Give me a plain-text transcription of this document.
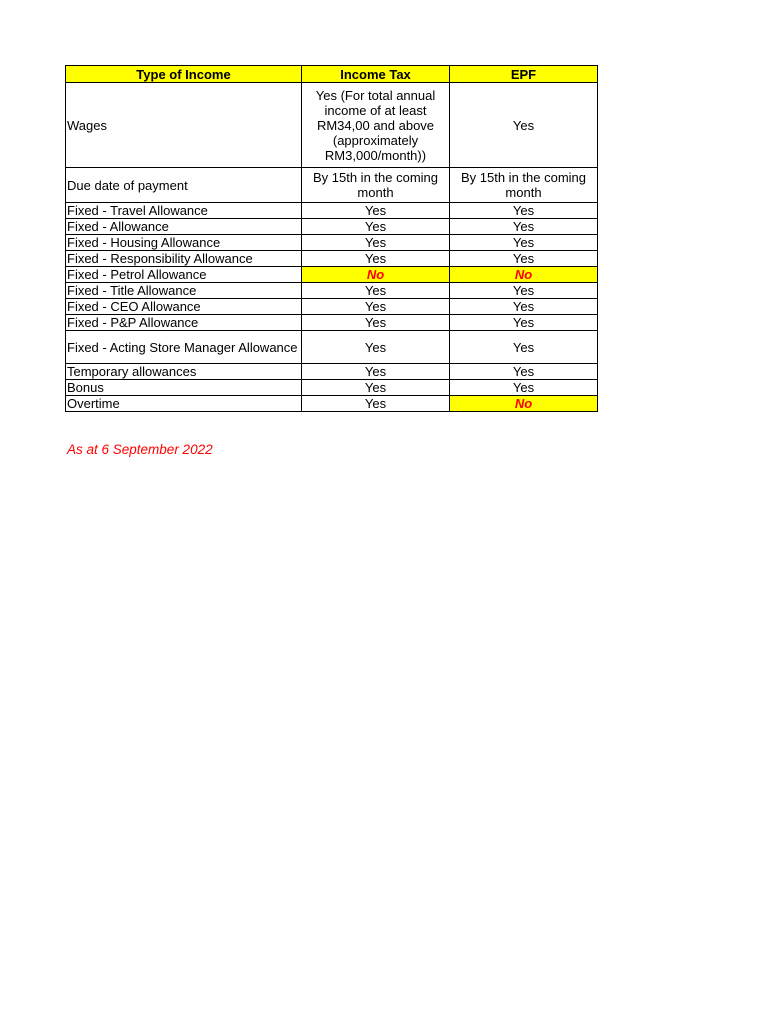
Type of Income	Income Tax	EPF
Wages	Yes (For total annual income of at least RM34,00 and above (approximately RM3,000/month))	Yes
Due date of payment	By 15th in the coming month	By 15th in the coming month
Fixed - Travel Allowance	Yes	Yes
Fixed - Allowance	Yes	Yes
Fixed - Housing Allowance	Yes	Yes
Fixed - Responsibility Allowance	Yes	Yes
Fixed - Petrol Allowance	No	No
Fixed - Title Allowance	Yes	Yes
Fixed - CEO Allowance	Yes	Yes
Fixed - P&P Allowance	Yes	Yes
Fixed - Acting Store Manager Allowance	Yes	Yes
Temporary allowances	Yes	Yes
Bonus	Yes	Yes
Overtime	Yes	No
As at 6 September 2022
